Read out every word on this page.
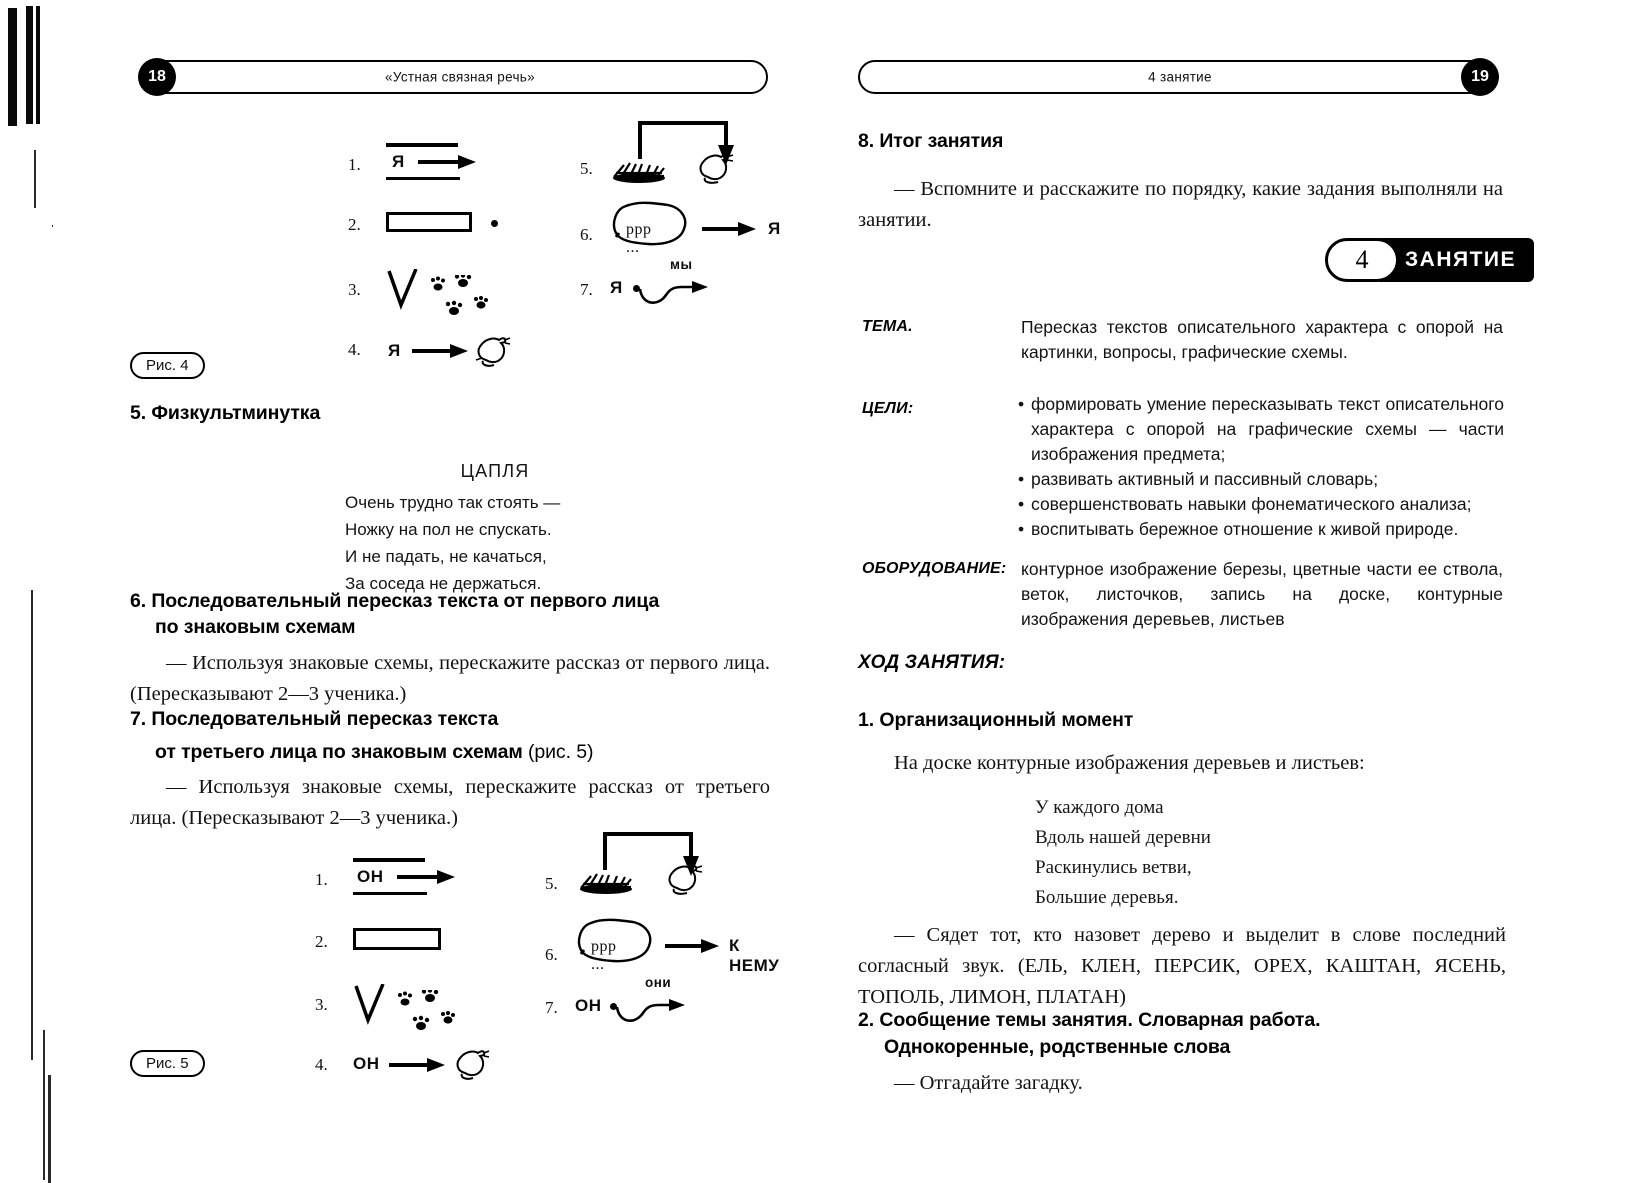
«Устная связная речь»
18	4 занятие	19
1. Я
2.
3.
4. Я
5.
6. ррр ...
Я
7. Я
мы
Рис. 4
5. Физкультминутка
ЦАПЛЯ
Очень трудно так стоять —
Ножку на пол не спускать.
И не падать, не качаться,
За соседа не держаться.
6. Последовательный пересказ текста от первого лица
по знаковым схемам
— Используя знаковые схемы, перескажите рассказ от первого лица. (Пересказывают 2—3 ученика.)
7. Последовательный пересказ текста
от третьего лица по знаковым схемам (рис. 5)
— Используя знаковые схемы, перескажите рассказ от третьего лица. (Пересказывают 2—3 ученика.)
1. ОН
2.
3.
4. ОН
5.
6. ррр ...
К НЕМУ
7. ОН
они
Рис. 5
8. Итог занятия
— Вспомните и расскажите по порядку, какие задания выполняли на занятии.
4	ЗАНЯТИЕ
ТЕМА.	Пересказ текстов описательного характера с опорой на картинки, вопросы, графические схемы.
ЦЕЛИ:	• формировать умение пересказывать текст описательного характера с опорой на графические схемы — части изображения предмета;
• развивать активный и пассивный словарь;
• совершенствовать навыки фонематического анализа;
• воспитывать бережное отношение к живой природе.
ОБОРУДОВАНИЕ: контурное изображение березы, цветные части ее ствола, веток, листочков, запись на доске, контурные изображения деревьев, листьев
ХОД ЗАНЯТИЯ:
1. Организационный момент
На доске контурные изображения деревьев и листьев:
У каждого дома
Вдоль нашей деревни
Раскинулись ветви,
Большие деревья.
— Сядет тот, кто назовет дерево и выделит в слове последний согласный звук. (ЕЛЬ, КЛЕН, ПЕРСИК, ОРЕХ, КАШТАН, ЯСЕНЬ, ТОПОЛЬ, ЛИМОН, ПЛАТАН)
2. Сообщение темы занятия. Словарная работа.
Однокоренные, родственные слова
— Отгадайте загадку.
